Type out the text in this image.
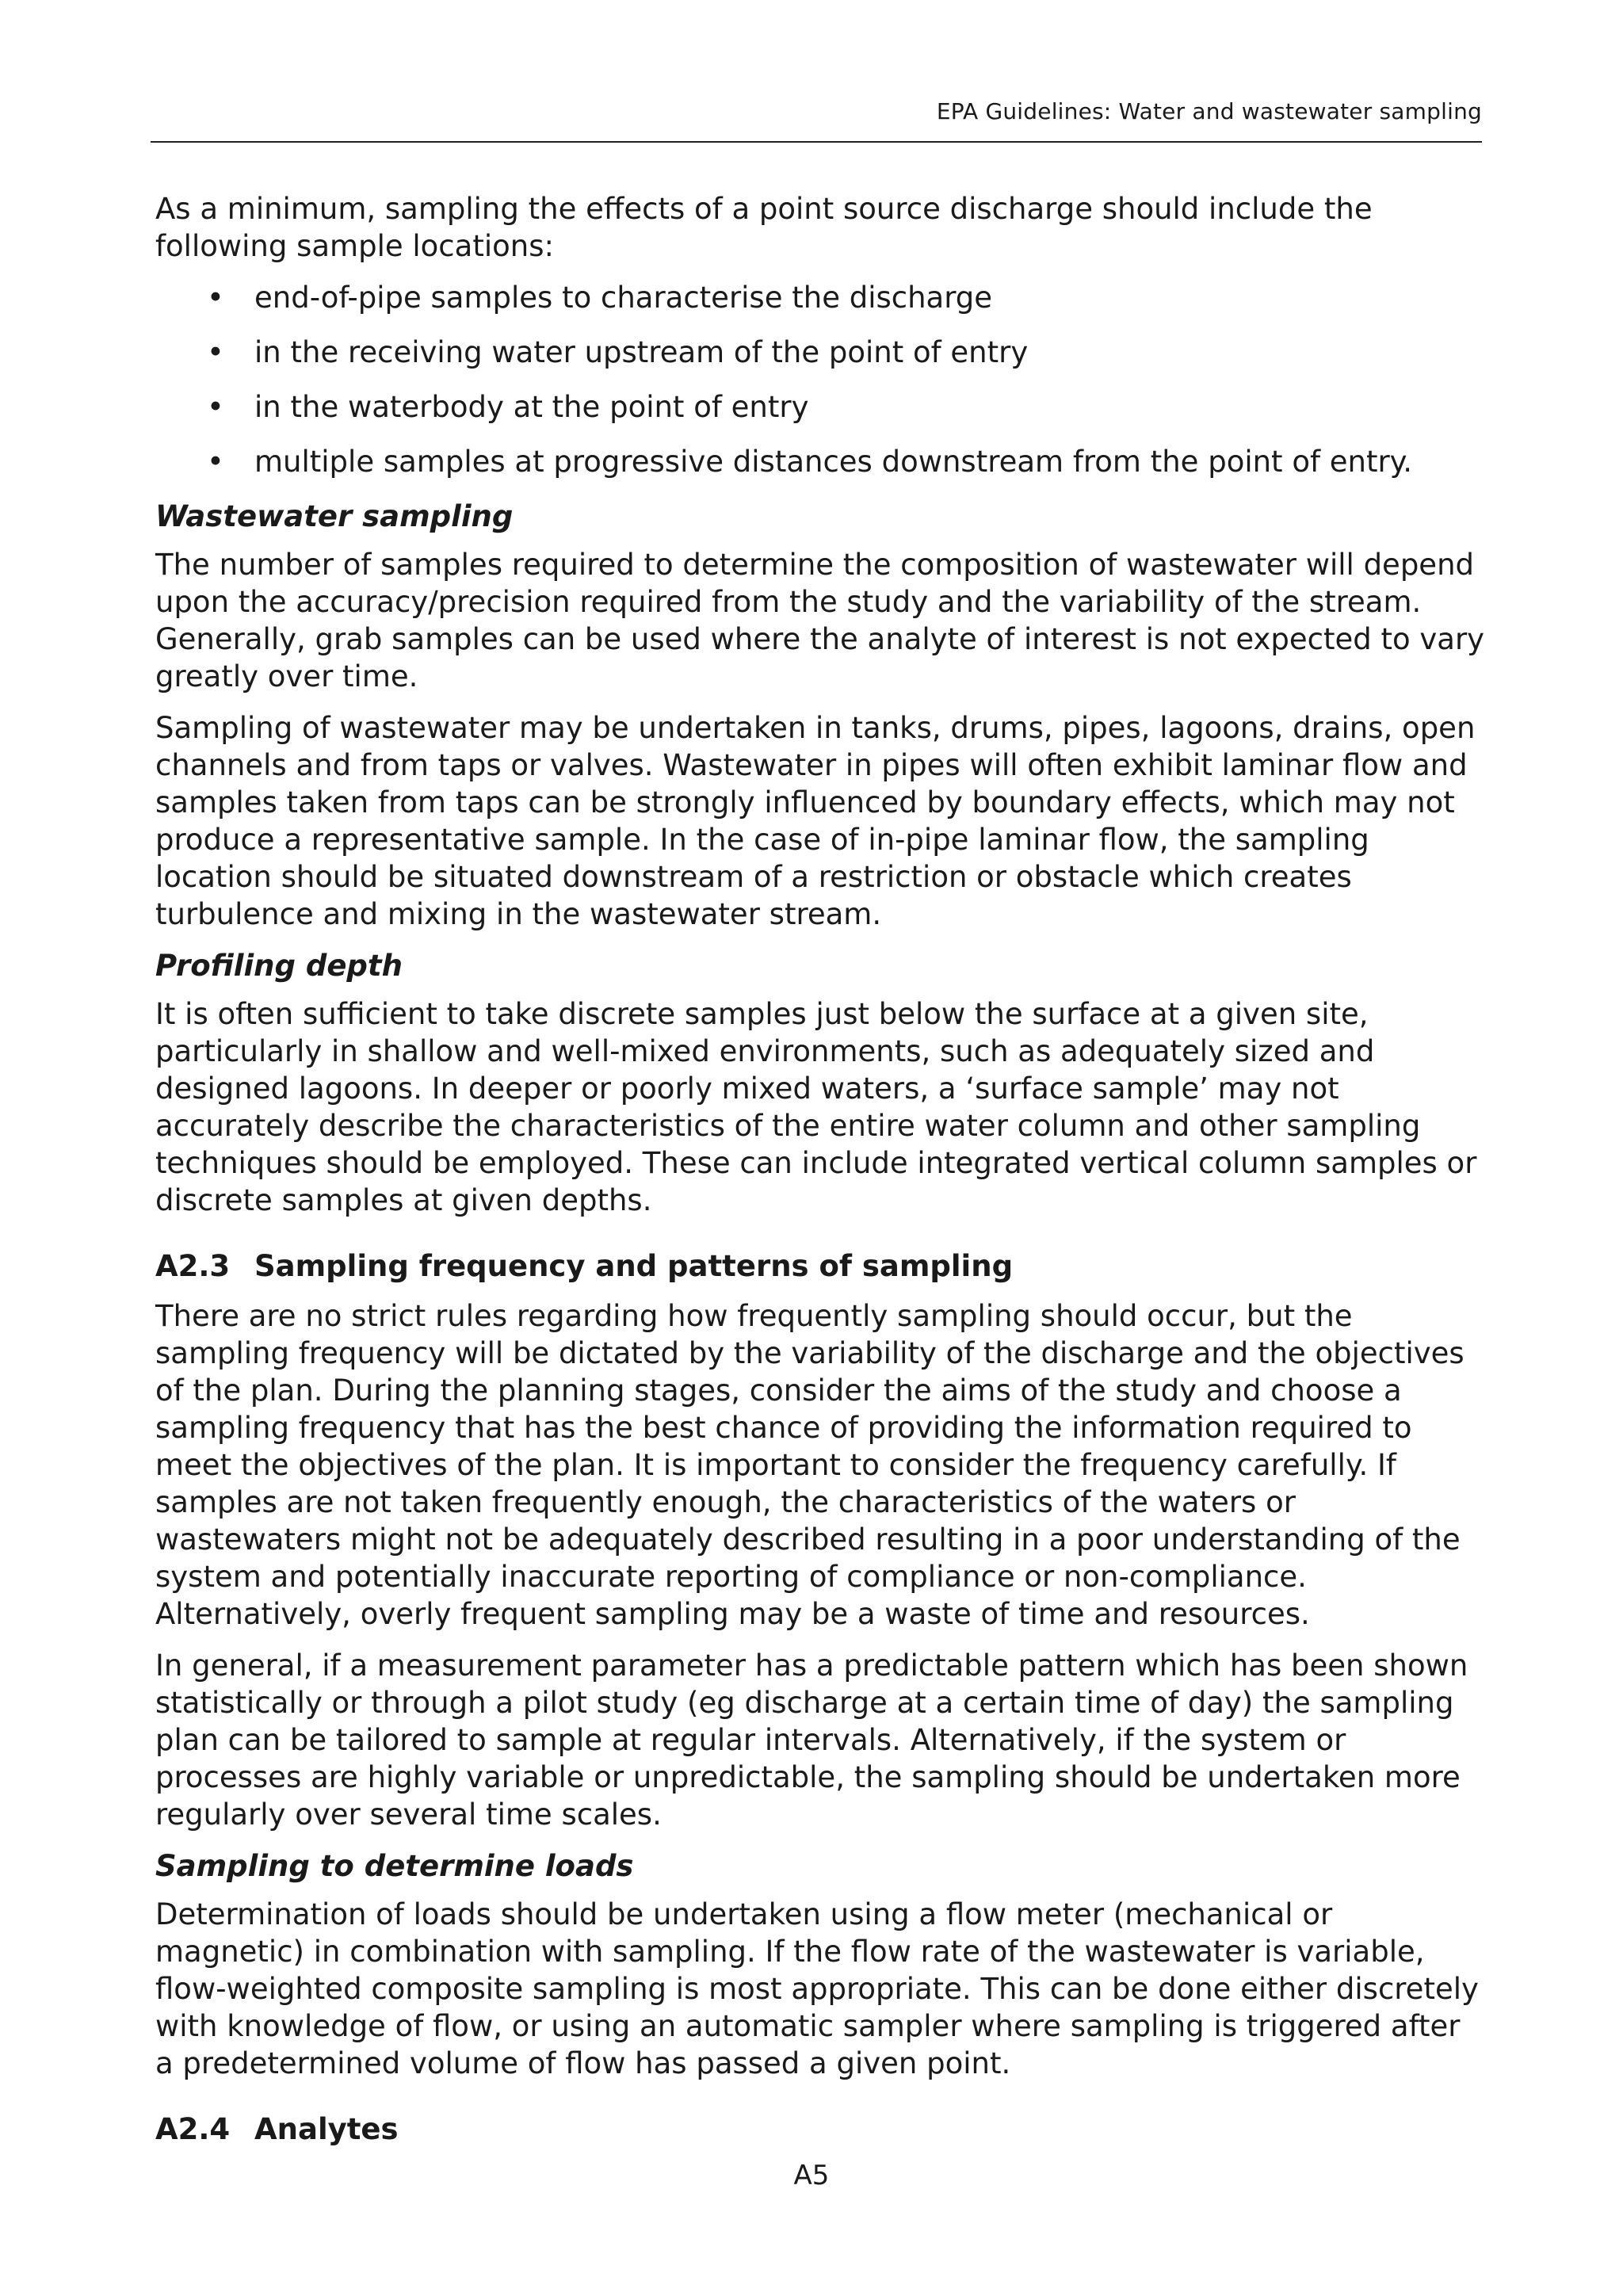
EPA Guidelines: Water and wastewater sampling

As a minimum, sampling the effects of a point source discharge should include the following sample locations:

• end-of-pipe samples to characterise the discharge
• in the receiving water upstream of the point of entry
• in the waterbody at the point of entry
• multiple samples at progressive distances downstream from the point of entry.
Wastewater sampling

The number of samples required to determine the composition of wastewater will depend upon the accuracy/precision required from the study and the variability of the stream. Generally, grab samples can be used where the analyte of interest is not expected to vary greatly over time.

Sampling of wastewater may be undertaken in tanks, drums, pipes, lagoons, drains, open channels and from taps or valves. Wastewater in pipes will often exhibit laminar flow and samples taken from taps can be strongly influenced by boundary effects, which may not produce a representative sample. In the case of in-pipe laminar flow, the sampling location should be situated downstream of a restriction or obstacle which creates turbulence and mixing in the wastewater stream.

Profiling depth

It is often sufficient to take discrete samples just below the surface at a given site, particularly in shallow and well-mixed environments, such as adequately sized and designed lagoons. In deeper or poorly mixed waters, a ‘surface sample’ may not accurately describe the characteristics of the entire water column and other sampling techniques should be employed. These can include integrated vertical column samples or discrete samples at given depths.

A2.3 Sampling frequency and patterns of sampling

There are no strict rules regarding how frequently sampling should occur, but the sampling frequency will be dictated by the variability of the discharge and the objectives of the plan. During the planning stages, consider the aims of the study and choose a sampling frequency that has the best chance of providing the information required to meet the objectives of the plan. It is important to consider the frequency carefully. If samples are not taken frequently enough, the characteristics of the waters or wastewaters might not be adequately described resulting in a poor understanding of the system and potentially inaccurate reporting of compliance or non-compliance. Alternatively, overly frequent sampling may be a waste of time and resources.

In general, if a measurement parameter has a predictable pattern which has been shown statistically or through a pilot study (eg discharge at a certain time of day) the sampling plan can be tailored to sample at regular intervals. Alternatively, if the system or processes are highly variable or unpredictable, the sampling should be undertaken more regularly over several time scales.

Sampling to determine loads

Determination of loads should be undertaken using a flow meter (mechanical or magnetic) in combination with sampling. If the flow rate of the wastewater is variable, flow-weighted composite sampling is most appropriate. This can be done either discretely with knowledge of flow, or using an automatic sampler where sampling is triggered after a predetermined volume of flow has passed a given point.

A2.4 Analytes
A5
